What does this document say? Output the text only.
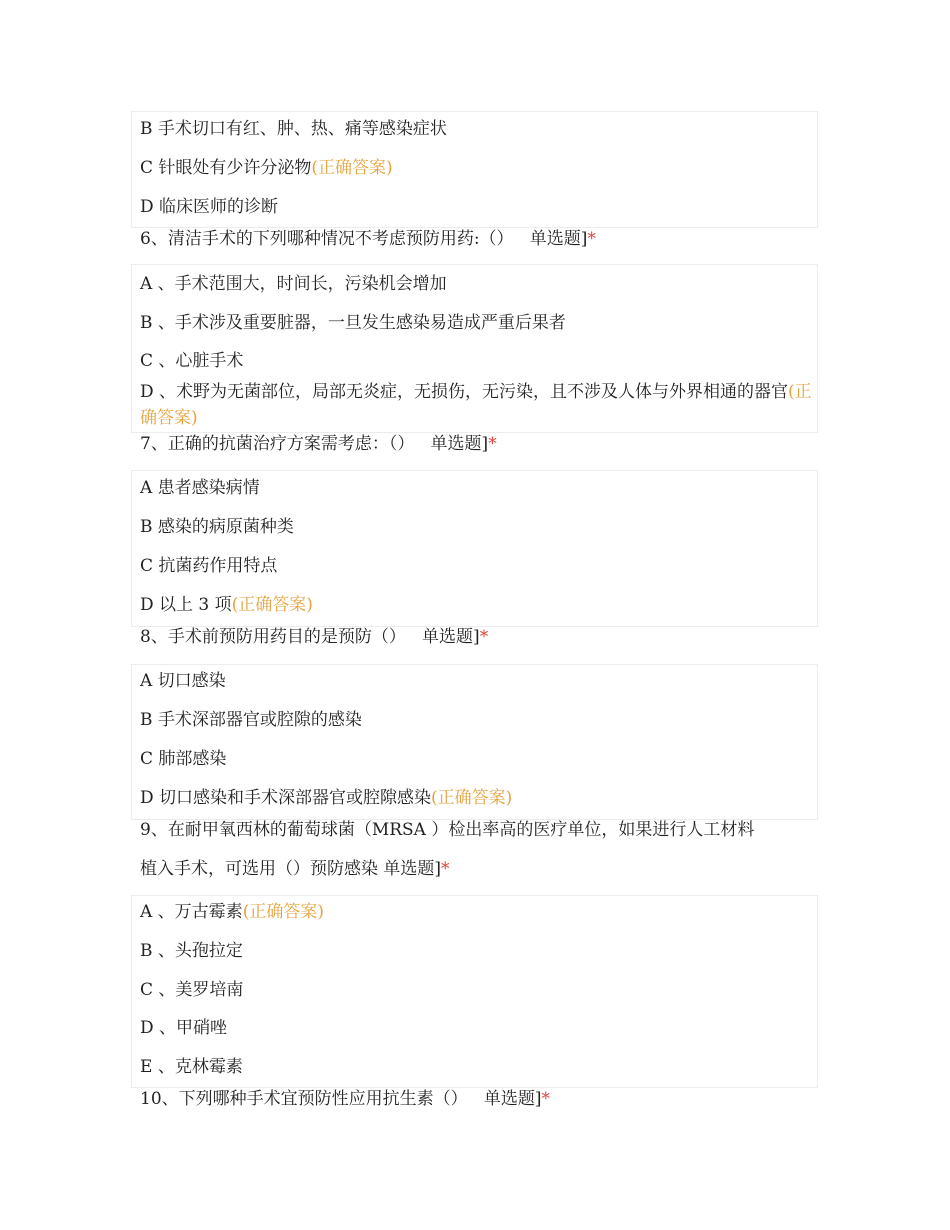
B 手术切口有红、肿、热、痛等感染症状
C 针眼处有少许分泌物(正确答案)
D 临床医师的诊断
6、清洁手术的下列哪种情况不考虑预防用药:（） 单选题]*
A 、手术范围大，时间长，污染机会增加
B 、手术涉及重要脏器，一旦发生感染易造成严重后果者
C 、心脏手术
D 、术野为无菌部位，局部无炎症，无损伤，无污染，且不涉及人体与外界相通的器官(正确答案)
7、正确的抗菌治疗方案需考虑：（） 单选题]*
A 患者感染病情
B 感染的病原菌种类
C 抗菌药作用特点
D 以上 3 项(正确答案)
8、手术前预防用药目的是预防（） 单选题]*
A 切口感染
B 手术深部器官或腔隙的感染
C 肺部感染
D 切口感染和手术深部器官或腔隙感染(正确答案)
9、在耐甲氧西林的葡萄球菌（MRSA ）检出率高的医疗单位，如果进行人工材料
植入手术，可选用（）预防感染 单选题]*
A 、万古霉素(正确答案)
B 、头孢拉定
C 、美罗培南
D 、甲硝唑
E 、克林霉素
10、下列哪种手术宜预防性应用抗生素（） 单选题]*
